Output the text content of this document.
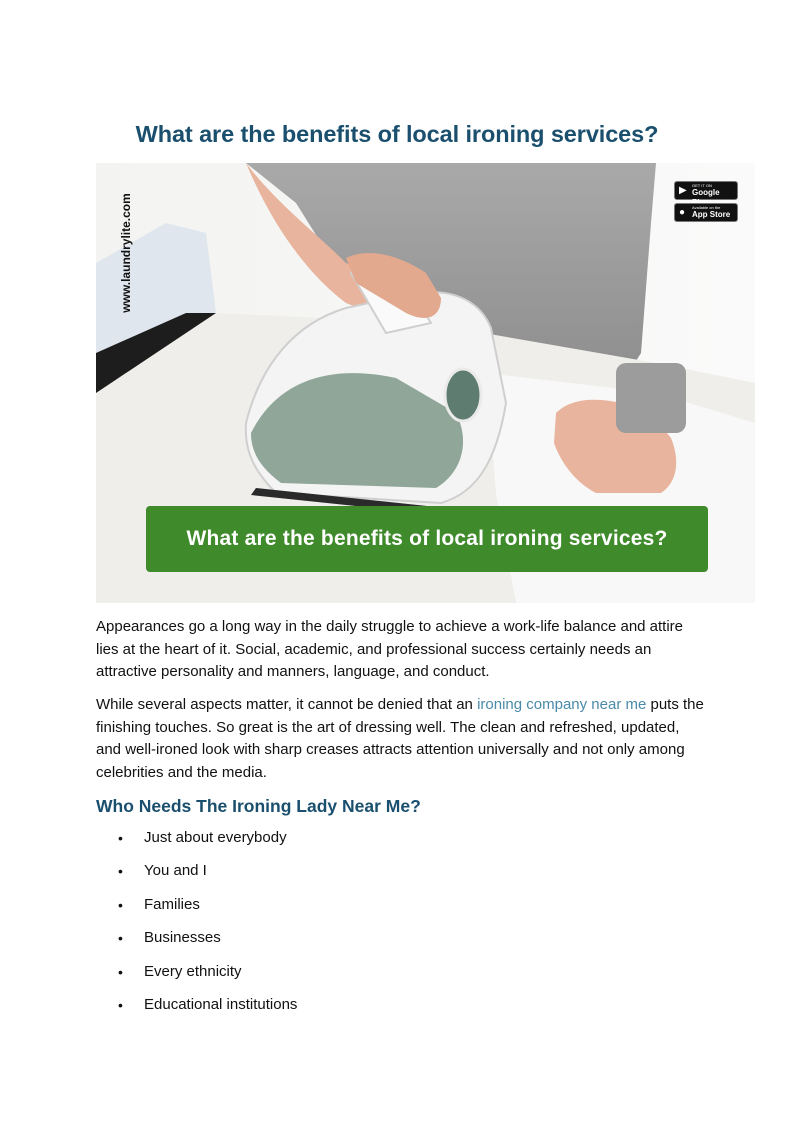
What are the benefits of local ironing services?
www.laundrylite.com
▶ GET IT ON
Google
● Available on the
App Store
What are the benefits of local ironing services?

Appearances go a long way in the daily struggle to achieve a work-life balance and attire lies at the heart of it. Social, academic, and professional success certainly needs an attractive personality and manners, language, and conduct.

While several aspects matter, it cannot be denied that an ironing company near me puts the finishing touches. So great is the art of dressing well. The clean and refreshed, updated, and well-ironed look with sharp creases attracts attention universally and not only among celebrities and the media.

Who Needs The Ironing Lady Near Me?
• Just about everybody
• You and I
• Families
• Businesses
• Every ethnicity
• Educational institutions
